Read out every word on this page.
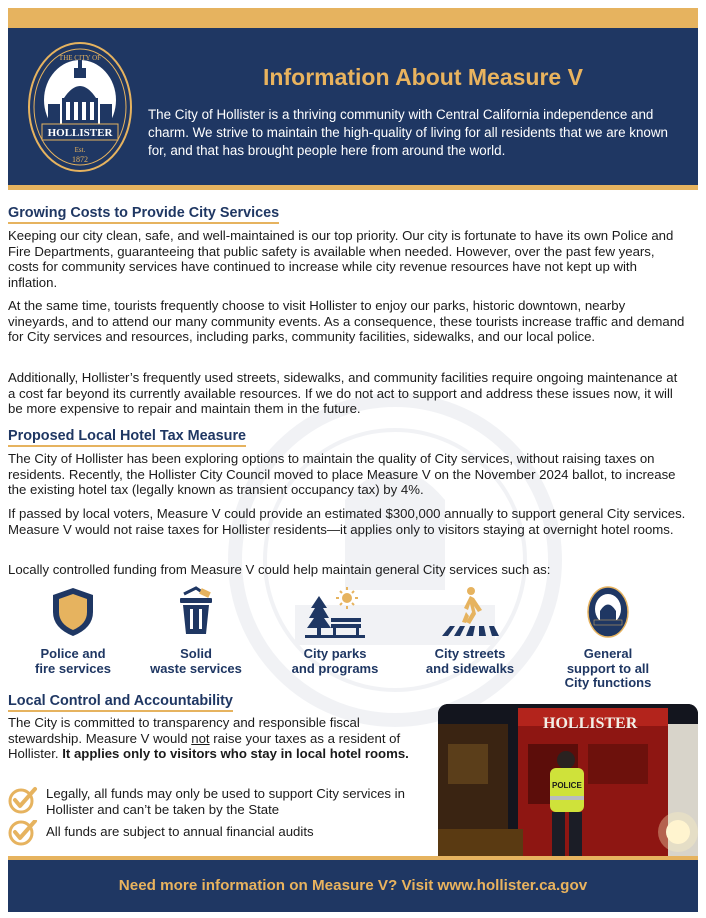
HOLLISTER
THE CITY OF
Est.
1872
Information About Measure V
The City of Hollister is a thriving community with Central California independence and charm. We strive to maintain the high-quality of living for all residents that we are known for, and that has brought people here from around the world.
Growing Costs to Provide City Services

Keeping our city clean, safe, and well-maintained is our top priority. Our city is fortunate to have its own Police and Fire Departments, guaranteeing that public safety is available when needed. However, over the past few years, costs for community services have continued to increase while city revenue resources have not kept up with inflation.

At the same time, tourists frequently choose to visit Hollister to enjoy our parks, historic downtown, nearby vineyards, and to attend our many community events. As a consequence, these tourists increase traffic and demand for City services and resources, including parks, community facilities, sidewalks, and our local police.

Additionally, Hollister’s frequently used streets, sidewalks, and community facilities require ongoing maintenance at a cost far beyond its currently available resources. If we do not act to support and address these issues now, it will be more expensive to repair and maintain them in the future.

Proposed Local Hotel Tax Measure

The City of Hollister has been exploring options to maintain the quality of City services, without raising taxes on residents. Recently, the Hollister City Council moved to place Measure V on the November 2024 ballot, to increase the existing hotel tax (legally known as transient occupancy tax) by 4%.

If passed by local voters, Measure V could provide an estimated $300,000 annually to support general City services. Measure V would not raise taxes for Hollister residents—it applies only to visitors staying at overnight hotel rooms.

Locally controlled funding from Measure V could help maintain general City services such as:

Police and
fire services
Solid
waste services
City parks
and programs
City streets
and sidewalks
General
support to all
City functions
Local Control and Accountability

The City is committed to transparency and responsible fiscal stewardship. Measure V would not raise your taxes as a resident of Hollister. It applies only to visitors who stay in local hotel rooms.

Legally, all funds may only be used to support City services in Hollister and can’t be taken by the State
All funds are subject to annual financial audits
HOLLISTER
POLICE
Need more information on Measure V? Visit www.hollister.ca.gov
